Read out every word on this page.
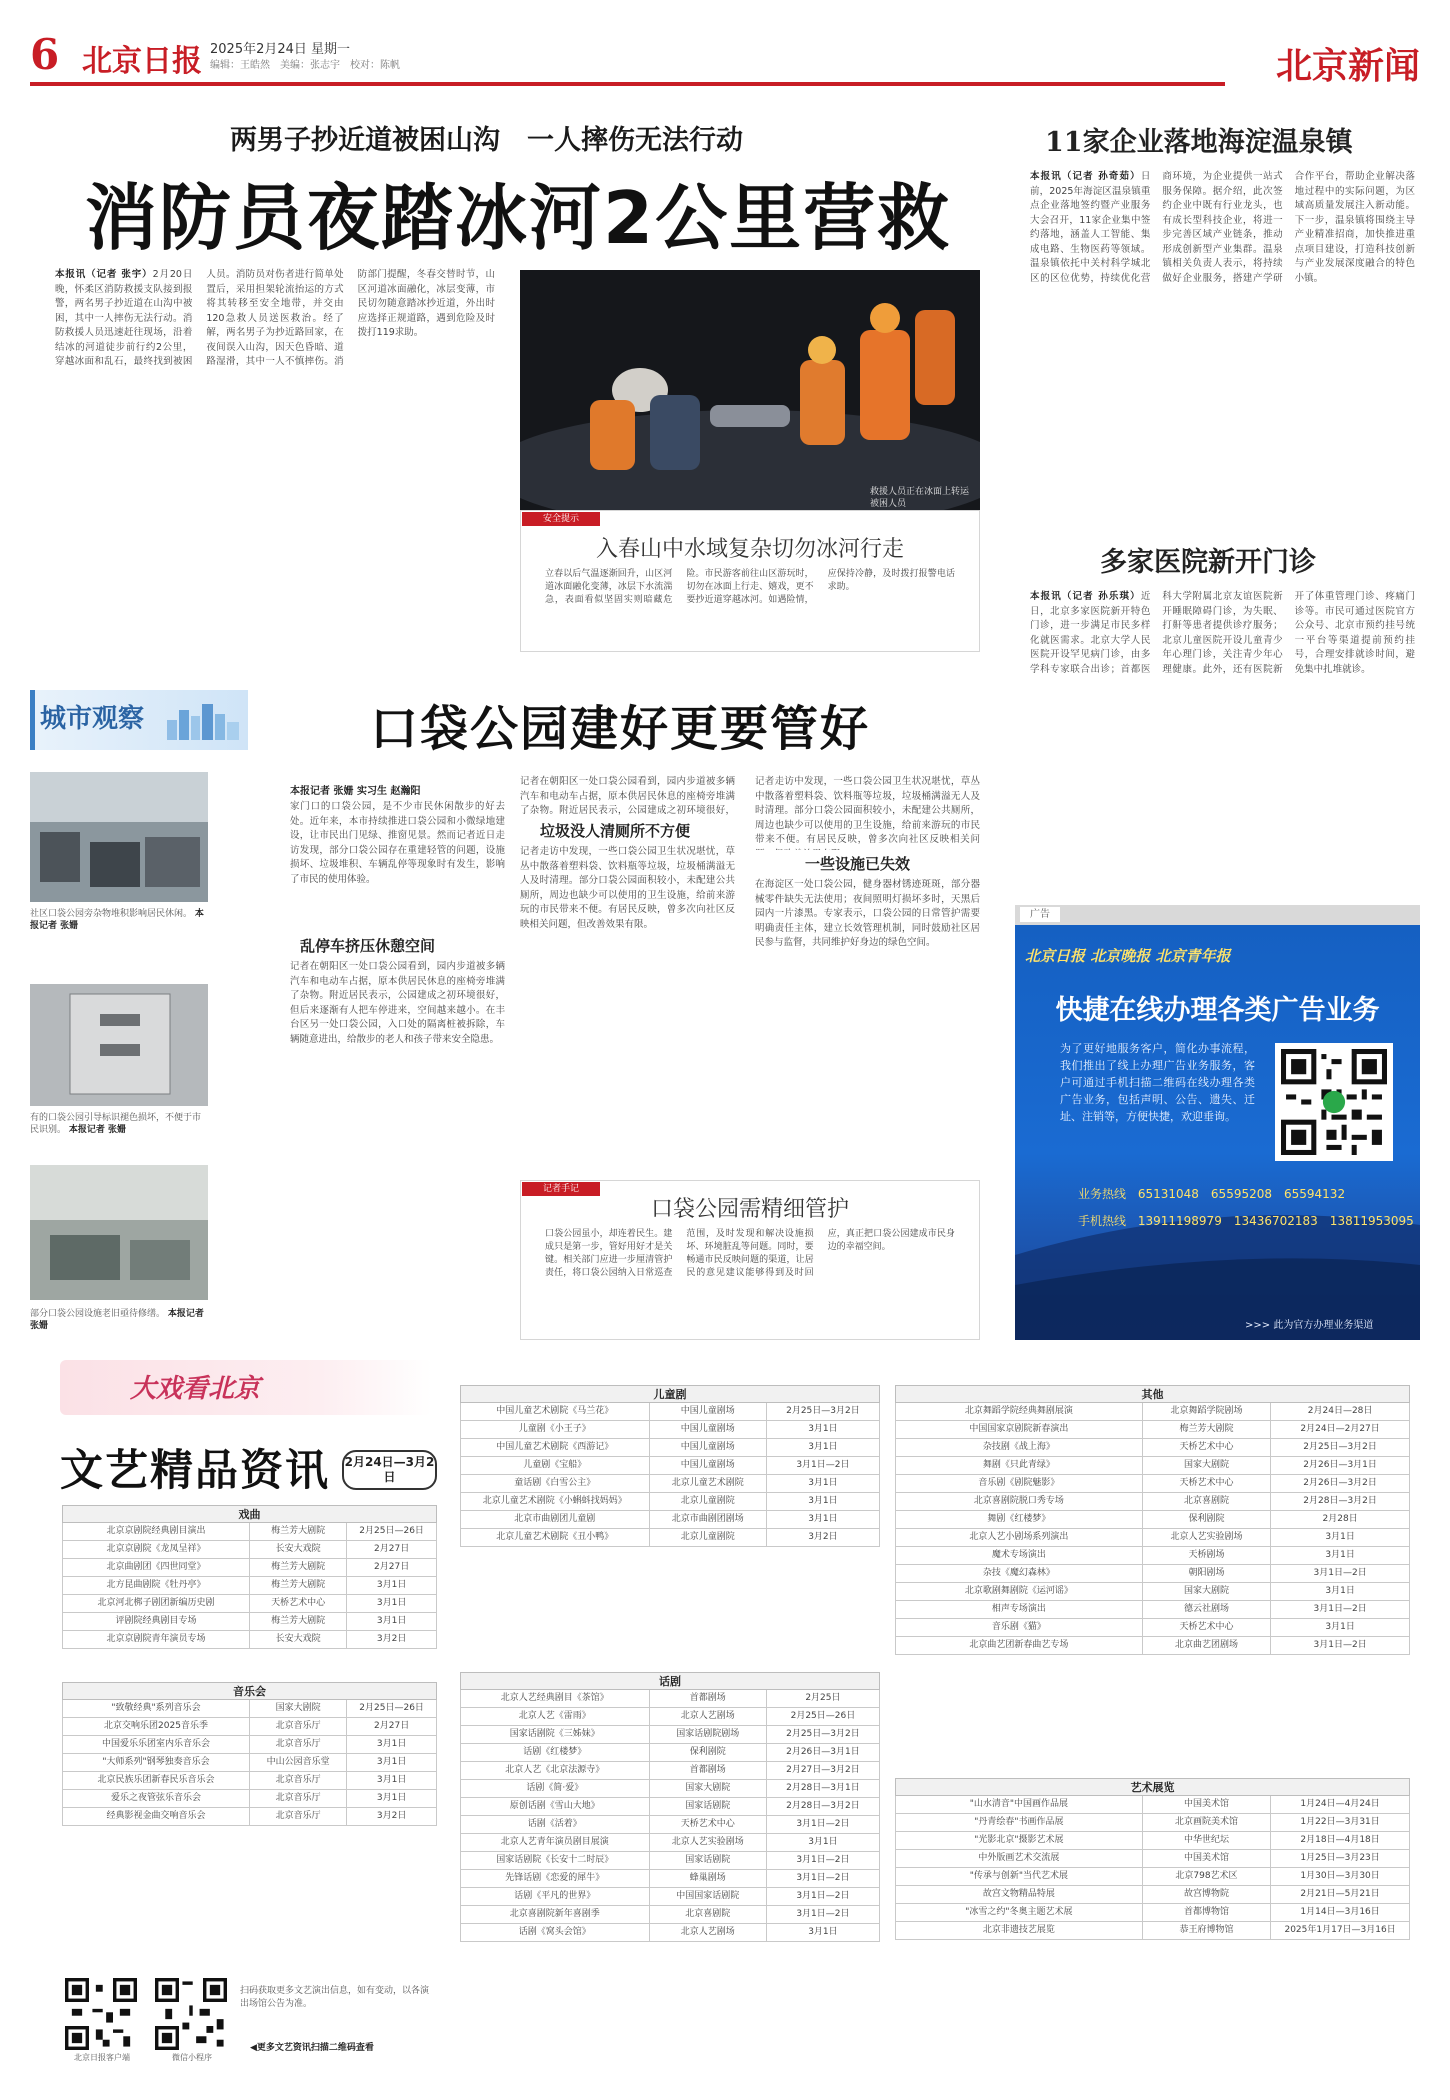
6 北京日报 2025年2月24日 星期一
编辑：王皓然　美编：张志宇　校对：陈帆	北京新闻
两男子抄近道被困山沟　一人摔伤无法行动
消防员夜踏冰河2公里营救
本报讯（记者 张宇）2月20日晚，怀柔区消防救援支队接到报警，两名男子抄近道在山沟中被困，其中一人摔伤无法行动。消防救援人员迅速赶往现场，沿着结冰的河道徒步前行约2公里，穿越冰面和乱石，最终找到被困人员。消防员对伤者进行简单处置后，采用担架轮流抬运的方式将其转移至安全地带，并交由120急救人员送医救治。经了解，两名男子为抄近路回家，在夜间误入山沟，因天色昏暗、道路湿滑，其中一人不慎摔伤。消防部门提醒，冬春交替时节，山区河道冰面融化，冰层变薄，市民切勿随意踏冰抄近道，外出时应选择正规道路，遇到危险及时拨打119求助。
救援人员正在冰面上转运被困人员
安全提示
入春山中水域复杂切勿冰河行走
立春以后气温逐渐回升，山区河道冰面融化变薄，冰层下水流湍急，表面看似坚固实则暗藏危险。市民游客前往山区游玩时，切勿在冰面上行走、嬉戏，更不要抄近道穿越冰河。如遇险情，应保持冷静，及时拨打报警电话求助。
11家企业落地海淀温泉镇
本报讯（记者 孙奇茹）日前，2025年海淀区温泉镇重点企业落地签约暨产业服务大会召开，11家企业集中签约落地，涵盖人工智能、集成电路、生物医药等领域。温泉镇依托中关村科学城北区的区位优势，持续优化营商环境，为企业提供一站式服务保障。据介绍，此次签约企业中既有行业龙头，也有成长型科技企业，将进一步完善区域产业链条，推动形成创新型产业集群。温泉镇相关负责人表示，将持续做好企业服务，搭建产学研合作平台，帮助企业解决落地过程中的实际问题，为区域高质量发展注入新动能。下一步，温泉镇将围绕主导产业精准招商，加快推进重点项目建设，打造科技创新与产业发展深度融合的特色小镇。
多家医院新开门诊
本报讯（记者 孙乐琪）近日，北京多家医院新开特色门诊，进一步满足市民多样化就医需求。北京大学人民医院开设罕见病门诊，由多学科专家联合出诊；首都医科大学附属北京友谊医院新开睡眠障碍门诊，为失眠、打鼾等患者提供诊疗服务；北京儿童医院开设儿童青少年心理门诊，关注青少年心理健康。此外，还有医院新开了体重管理门诊、疼痛门诊等。市民可通过医院官方公众号、北京市预约挂号统一平台等渠道提前预约挂号，合理安排就诊时间，避免集中扎堆就诊。
城市观察
社区口袋公园旁杂物堆积影响居民休闲。 本报记者 张姗
有的口袋公园引导标识褪色损坏，不便于市民识别。 本报记者 张姗
部分口袋公园设施老旧亟待修缮。 本报记者 张姗
口袋公园建好更要管好
本报记者 张姗 实习生 赵瀚阳
家门口的口袋公园，是不少市民休闲散步的好去处。近年来，本市持续推进口袋公园和小微绿地建设，让市民出门见绿、推窗见景。然而记者近日走访发现，部分口袋公园存在重建轻管的问题，设施损坏、垃圾堆积、车辆乱停等现象时有发生，影响了市民的使用体验。
乱停车挤压休憩空间
记者在朝阳区一处口袋公园看到，园内步道被多辆汽车和电动车占据，原本供居民休息的座椅旁堆满了杂物。附近居民表示，公园建成之初环境很好，但后来逐渐有人把车停进来，空间越来越小。在丰台区另一处口袋公园，入口处的隔离桩被拆除，车辆随意进出，给散步的老人和孩子带来安全隐患。
记者在朝阳区一处口袋公园看到，园内步道被多辆汽车和电动车占据，原本供居民休息的座椅旁堆满了杂物。附近居民表示，公园建成之初环境很好，
垃圾没人清厕所不方便
记者走访中发现，一些口袋公园卫生状况堪忧，草丛中散落着塑料袋、饮料瓶等垃圾，垃圾桶满溢无人及时清理。部分口袋公园面积较小，未配建公共厕所，周边也缺少可以使用的卫生设施，给前来游玩的市民带来不便。有居民反映，曾多次向社区反映相关问题，但改善效果有限。
记者走访中发现，一些口袋公园卫生状况堪忧，草丛中散落着塑料袋、饮料瓶等垃圾，垃圾桶满溢无人及时清理。部分口袋公园面积较小，未配建公共厕所，周边也缺少可以使用的卫生设施，给前来游玩的市民带来不便。有居民反映，曾多次向社区反映相关问
一些设施已失效
在海淀区一处口袋公园，健身器材锈迹斑斑，部分器械零件缺失无法使用；夜间照明灯损坏多时，天黑后园内一片漆黑。专家表示，口袋公园的日常管护需要明确责任主体，建立长效管理机制，同时鼓励社区居民参与监督，共同维护好身边的绿色空间。
记者手记
口袋公园需精细管护
口袋公园虽小，却连着民生。建成只是第一步，管好用好才是关键。相关部门应进一步厘清管护责任，将口袋公园纳入日常巡查范围，及时发现和解决设施损坏、环境脏乱等问题。同时，要畅通市民反映问题的渠道，让居民的意见建议能够得到及时回应，真正把口袋公园建成市民身边的幸福空间。
广告
北京日报 北京晚报 北京青年报
快捷在线办理各类广告业务
为了更好地服务客户，简化办事流程，我们推出了线上办理广告业务服务，客户可通过手机扫描二维码在线办理各类广告业务，包括声明、公告、遗失、迁址、注销等，方便快捷，欢迎垂询。
业务热线 65131048　65595208　65594132
手机热线 13911198979　13436702183　13811953095
>>> 此为官方办理业务渠道
大戏看北京
文艺精品资讯 2月24日—3月2日
戏曲		
北京京剧院经典剧目演出	梅兰芳大剧院	2月25日—26日
北京京剧院《龙凤呈祥》	长安大戏院	2月27日
北京曲剧团《四世同堂》	梅兰芳大剧院	2月27日
北方昆曲剧院《牡丹亭》	梅兰芳大剧院	3月1日
北京河北梆子剧团新编历史剧	天桥艺术中心	3月1日
评剧院经典剧目专场	梅兰芳大剧院	3月1日
北京京剧院青年演员专场	长安大戏院	3月2日
音乐会		
"致敬经典"系列音乐会	国家大剧院	2月25日—26日
北京交响乐团2025音乐季	北京音乐厅	2月27日
中国爱乐乐团室内乐音乐会	北京音乐厅	3月1日
"大师系列"钢琴独奏音乐会	中山公园音乐堂	3月1日
北京民族乐团新春民乐音乐会	北京音乐厅	3月1日
爱乐之夜管弦乐音乐会	北京音乐厅	3月1日
经典影视金曲交响音乐会	北京音乐厅	3月2日
儿童剧		
中国儿童艺术剧院《马兰花》	中国儿童剧场	2月25日—3月2日
儿童剧《小王子》	中国儿童剧场	3月1日
中国儿童艺术剧院《西游记》	中国儿童剧场	3月1日
儿童剧《宝船》	中国儿童剧场	3月1日—2日
童话剧《白雪公主》	北京儿童艺术剧院	3月1日
北京儿童艺术剧院《小蝌蚪找妈妈》	北京儿童剧院	3月1日
北京市曲剧团儿童剧	北京市曲剧团剧场	3月1日
北京儿童艺术剧院《丑小鸭》	北京儿童剧院	3月2日
话剧		
北京人艺经典剧目《茶馆》	首都剧场	2月25日
北京人艺《雷雨》	北京人艺剧场	2月25日—26日
国家话剧院《三姊妹》	国家话剧院剧场	2月25日—3月2日
话剧《红楼梦》	保利剧院	2月26日—3月1日
北京人艺《北京法源寺》	首都剧场	2月27日—3月2日
话剧《简·爱》	国家大剧院	2月28日—3月1日
原创话剧《雪山大地》	国家话剧院	2月28日—3月2日
话剧《活着》	天桥艺术中心	3月1日—2日
北京人艺青年演员剧目展演	北京人艺实验剧场	3月1日
国家话剧院《长安十二时辰》	国家话剧院	3月1日—2日
先锋话剧《恋爱的犀牛》	蜂巢剧场	3月1日—2日
话剧《平凡的世界》	中国国家话剧院	3月1日—2日
北京喜剧院新年喜剧季	北京喜剧院	3月1日—2日
话剧《窝头会馆》	北京人艺剧场	3月1日
其他		
北京舞蹈学院经典舞剧展演	北京舞蹈学院剧场	2月24日—28日
中国国家京剧院新春演出	梅兰芳大剧院	2月24日—2月27日
杂技剧《战上海》	天桥艺术中心	2月25日—3月2日
舞剧《只此青绿》	国家大剧院	2月26日—3月1日
音乐剧《剧院魅影》	天桥艺术中心	2月26日—3月2日
北京喜剧院脱口秀专场	北京喜剧院	2月28日—3月2日
舞剧《红楼梦》	保利剧院	2月28日
北京人艺小剧场系列演出	北京人艺实验剧场	3月1日
魔术专场演出	天桥剧场	3月1日
杂技《魔幻森林》	朝阳剧场	3月1日—2日
北京歌剧舞剧院《运河谣》	国家大剧院	3月1日
相声专场演出	德云社剧场	3月1日—2日
音乐剧《猫》	天桥艺术中心	3月1日
北京曲艺团新春曲艺专场	北京曲艺团剧场	3月1日—2日
艺术展览		
"山水清音"中国画作品展	中国美术馆	1月24日—4月24日
"丹青绘春"书画作品展	北京画院美术馆	1月22日—3月31日
"光影北京"摄影艺术展	中华世纪坛	2月18日—4月18日
中外版画艺术交流展	中国美术馆	1月25日—3月23日
"传承与创新"当代艺术展	北京798艺术区	1月30日—3月30日
故宫文物精品特展	故宫博物院	2月21日—5月21日
"冰雪之约"冬奥主题艺术展	首都博物馆	1月14日—3月16日
北京非遗技艺展览	恭王府博物馆	2025年1月17日—3月16日
北京日报客户端	微信小程序
扫码获取更多文艺演出信息，如有变动，以各演出场馆公告为准。
◀更多文艺资讯扫描二维码查看
